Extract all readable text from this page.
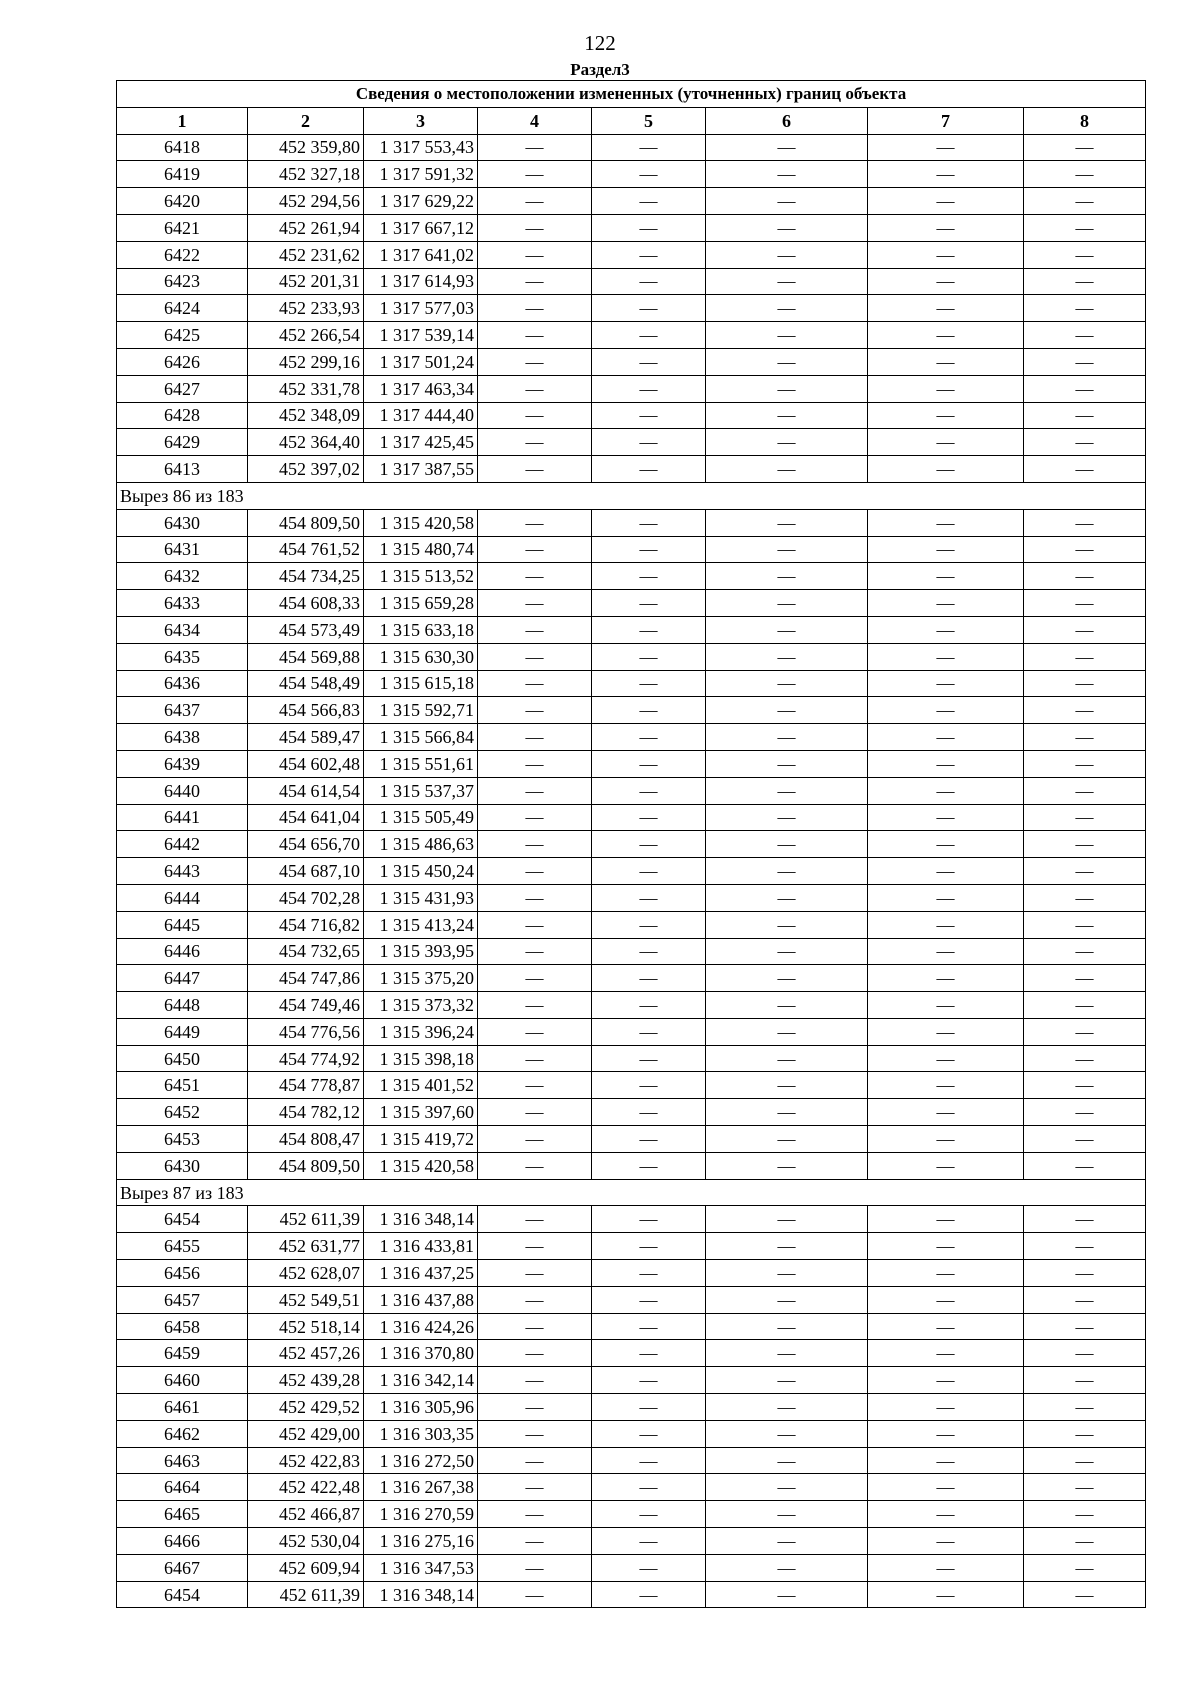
122
Раздел3
Сведения о местоположении измененных (уточненных) границ объекта							
1	2	3	4	5	6	7	8
6418	452 359,80	1 317 553,43	—	—	—	—	—
6419	452 327,18	1 317 591,32	—	—	—	—	—
6420	452 294,56	1 317 629,22	—	—	—	—	—
6421	452 261,94	1 317 667,12	—	—	—	—	—
6422	452 231,62	1 317 641,02	—	—	—	—	—
6423	452 201,31	1 317 614,93	—	—	—	—	—
6424	452 233,93	1 317 577,03	—	—	—	—	—
6425	452 266,54	1 317 539,14	—	—	—	—	—
6426	452 299,16	1 317 501,24	—	—	—	—	—
6427	452 331,78	1 317 463,34	—	—	—	—	—
6428	452 348,09	1 317 444,40	—	—	—	—	—
6429	452 364,40	1 317 425,45	—	—	—	—	—
6413	452 397,02	1 317 387,55	—	—	—	—	—
Вырез 86 из 183							
6430	454 809,50	1 315 420,58	—	—	—	—	—
6431	454 761,52	1 315 480,74	—	—	—	—	—
6432	454 734,25	1 315 513,52	—	—	—	—	—
6433	454 608,33	1 315 659,28	—	—	—	—	—
6434	454 573,49	1 315 633,18	—	—	—	—	—
6435	454 569,88	1 315 630,30	—	—	—	—	—
6436	454 548,49	1 315 615,18	—	—	—	—	—
6437	454 566,83	1 315 592,71	—	—	—	—	—
6438	454 589,47	1 315 566,84	—	—	—	—	—
6439	454 602,48	1 315 551,61	—	—	—	—	—
6440	454 614,54	1 315 537,37	—	—	—	—	—
6441	454 641,04	1 315 505,49	—	—	—	—	—
6442	454 656,70	1 315 486,63	—	—	—	—	—
6443	454 687,10	1 315 450,24	—	—	—	—	—
6444	454 702,28	1 315 431,93	—	—	—	—	—
6445	454 716,82	1 315 413,24	—	—	—	—	—
6446	454 732,65	1 315 393,95	—	—	—	—	—
6447	454 747,86	1 315 375,20	—	—	—	—	—
6448	454 749,46	1 315 373,32	—	—	—	—	—
6449	454 776,56	1 315 396,24	—	—	—	—	—
6450	454 774,92	1 315 398,18	—	—	—	—	—
6451	454 778,87	1 315 401,52	—	—	—	—	—
6452	454 782,12	1 315 397,60	—	—	—	—	—
6453	454 808,47	1 315 419,72	—	—	—	—	—
6430	454 809,50	1 315 420,58	—	—	—	—	—
Вырез 87 из 183							
6454	452 611,39	1 316 348,14	—	—	—	—	—
6455	452 631,77	1 316 433,81	—	—	—	—	—
6456	452 628,07	1 316 437,25	—	—	—	—	—
6457	452 549,51	1 316 437,88	—	—	—	—	—
6458	452 518,14	1 316 424,26	—	—	—	—	—
6459	452 457,26	1 316 370,80	—	—	—	—	—
6460	452 439,28	1 316 342,14	—	—	—	—	—
6461	452 429,52	1 316 305,96	—	—	—	—	—
6462	452 429,00	1 316 303,35	—	—	—	—	—
6463	452 422,83	1 316 272,50	—	—	—	—	—
6464	452 422,48	1 316 267,38	—	—	—	—	—
6465	452 466,87	1 316 270,59	—	—	—	—	—
6466	452 530,04	1 316 275,16	—	—	—	—	—
6467	452 609,94	1 316 347,53	—	—	—	—	—
6454	452 611,39	1 316 348,14	—	—	—	—	—
